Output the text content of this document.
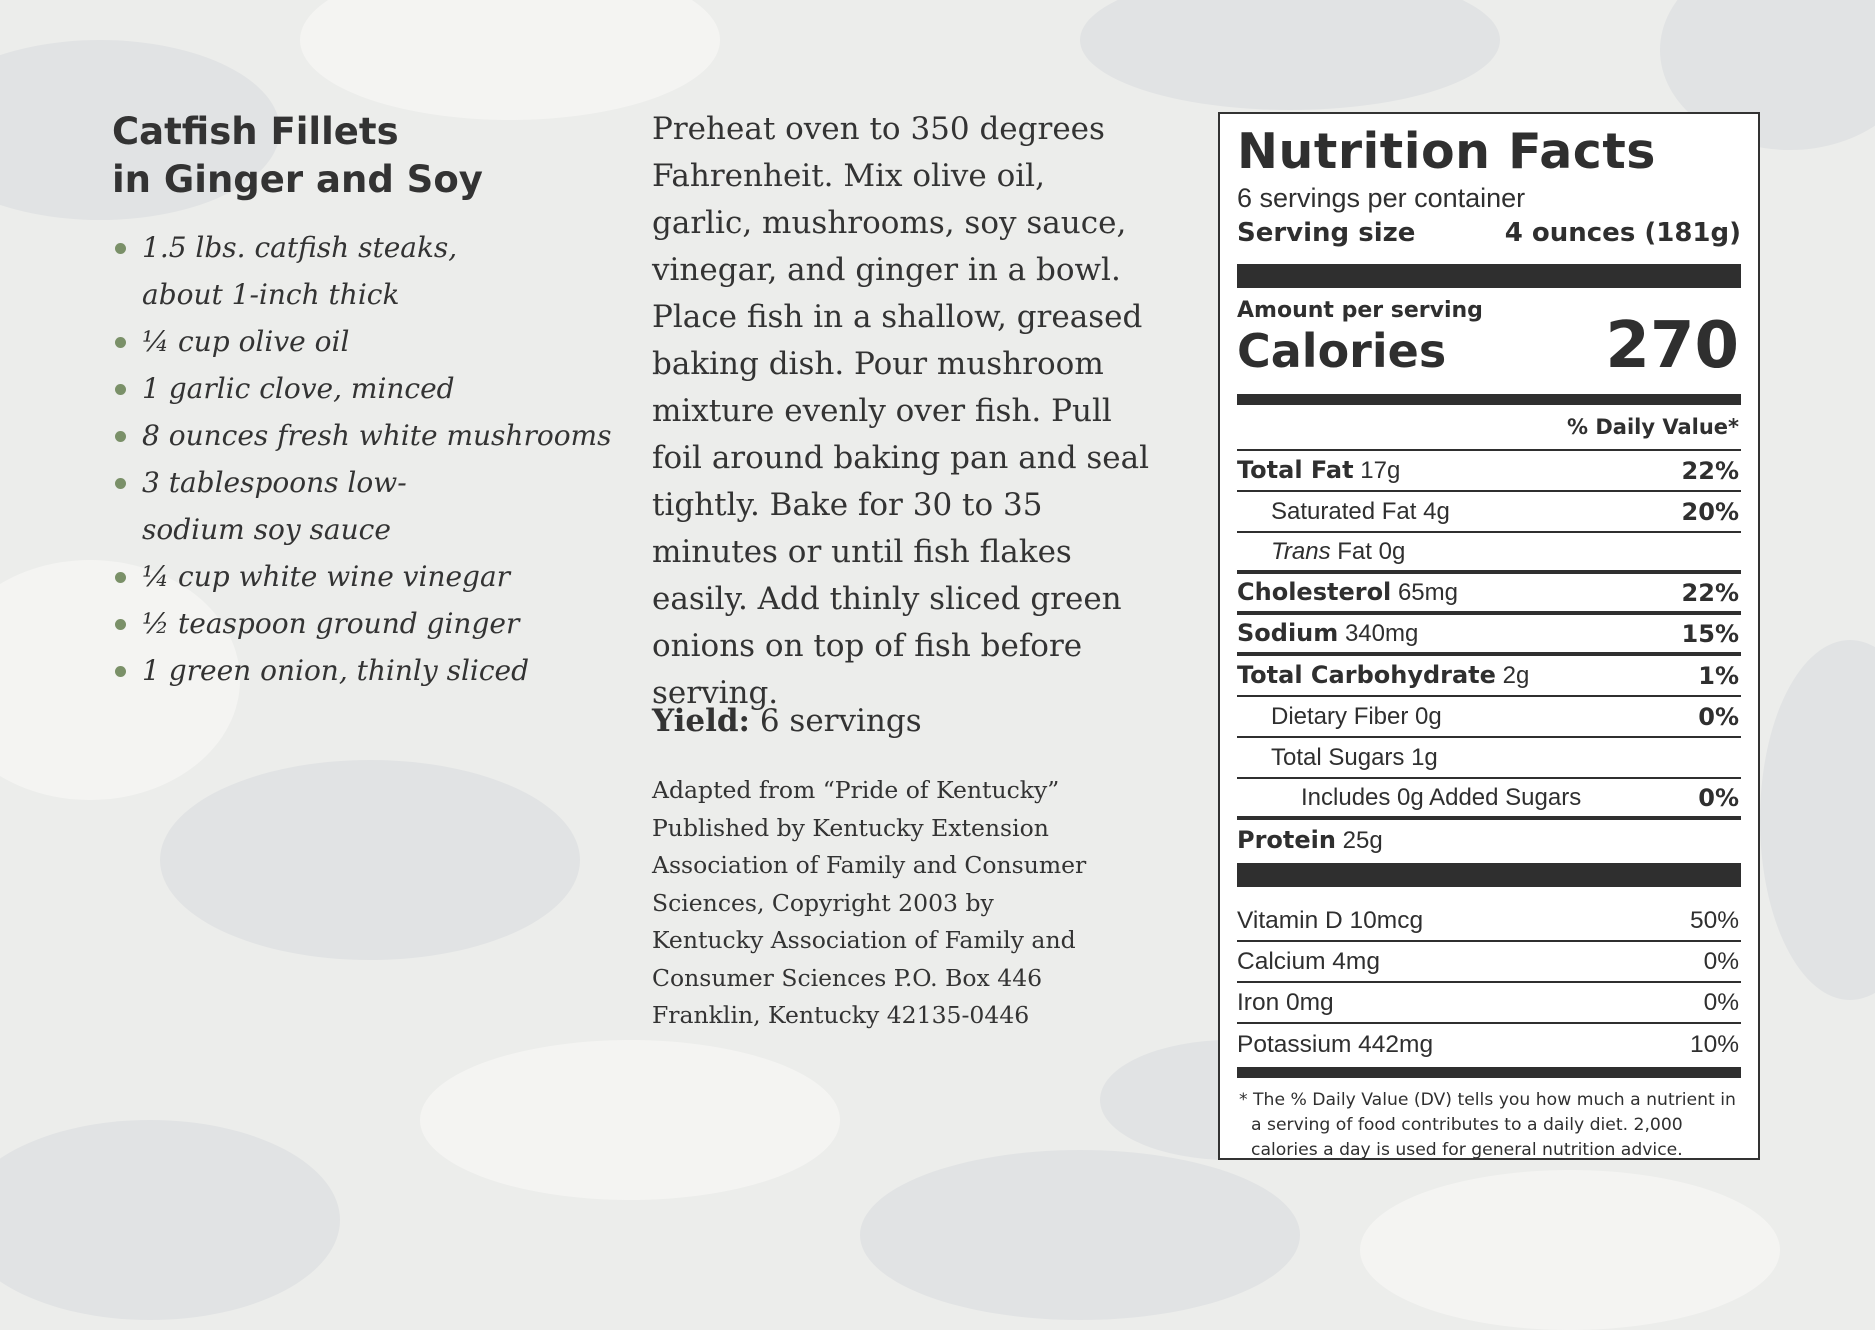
Catfish Fillets
in Ginger and Soy
1.5 lbs. catfish steaks,
about 1-inch thick
¼ cup olive oil
1 garlic clove, minced
8 ounces fresh white mushrooms
3 tablespoons low-
sodium soy sauce
¼ cup white wine vinegar
½ teaspoon ground ginger
1 green onion, thinly sliced

Preheat oven to 350 degrees Fahrenheit. Mix olive oil, garlic, mushrooms, soy sauce, vinegar, and ginger in a bowl. Place fish in a shallow, greased baking dish. Pour mushroom mixture evenly over fish. Pull foil around baking pan and seal tightly. Bake for 30 to 35 minutes or until fish flakes easily. Add thinly sliced green onions on top of fish before serving.

Yield: 6 servings

Adapted from “Pride of Kentucky” Published by Kentucky Extension Association of Family and Consumer Sciences, Copyright 2003 by Kentucky Association of Family and Consumer Sciences P.O. Box 446 Franklin, Kentucky 42135-0446

Nutrition Facts
6 servings per container
Serving size	4 ounces (181g)
Amount per serving
Calories 270
% Daily Value*
Total Fat 17g	22%
Saturated Fat 4g	20%
Trans Fat 0g
Cholesterol 65mg	22%
Sodium 340mg	15%
Total Carbohydrate 2g	1%
Dietary Fiber 0g	0%
Total Sugars 1g
Includes 0g Added Sugars	0%
Protein 25g
Vitamin D 10mcg	50%
Calcium 4mg	0%
Iron 0mg	0%
Potassium 442mg	10%
* The % Daily Value (DV) tells you how much a nutrient in a serving of food contributes to a daily diet. 2,000 calories a day is used for general nutrition advice.
